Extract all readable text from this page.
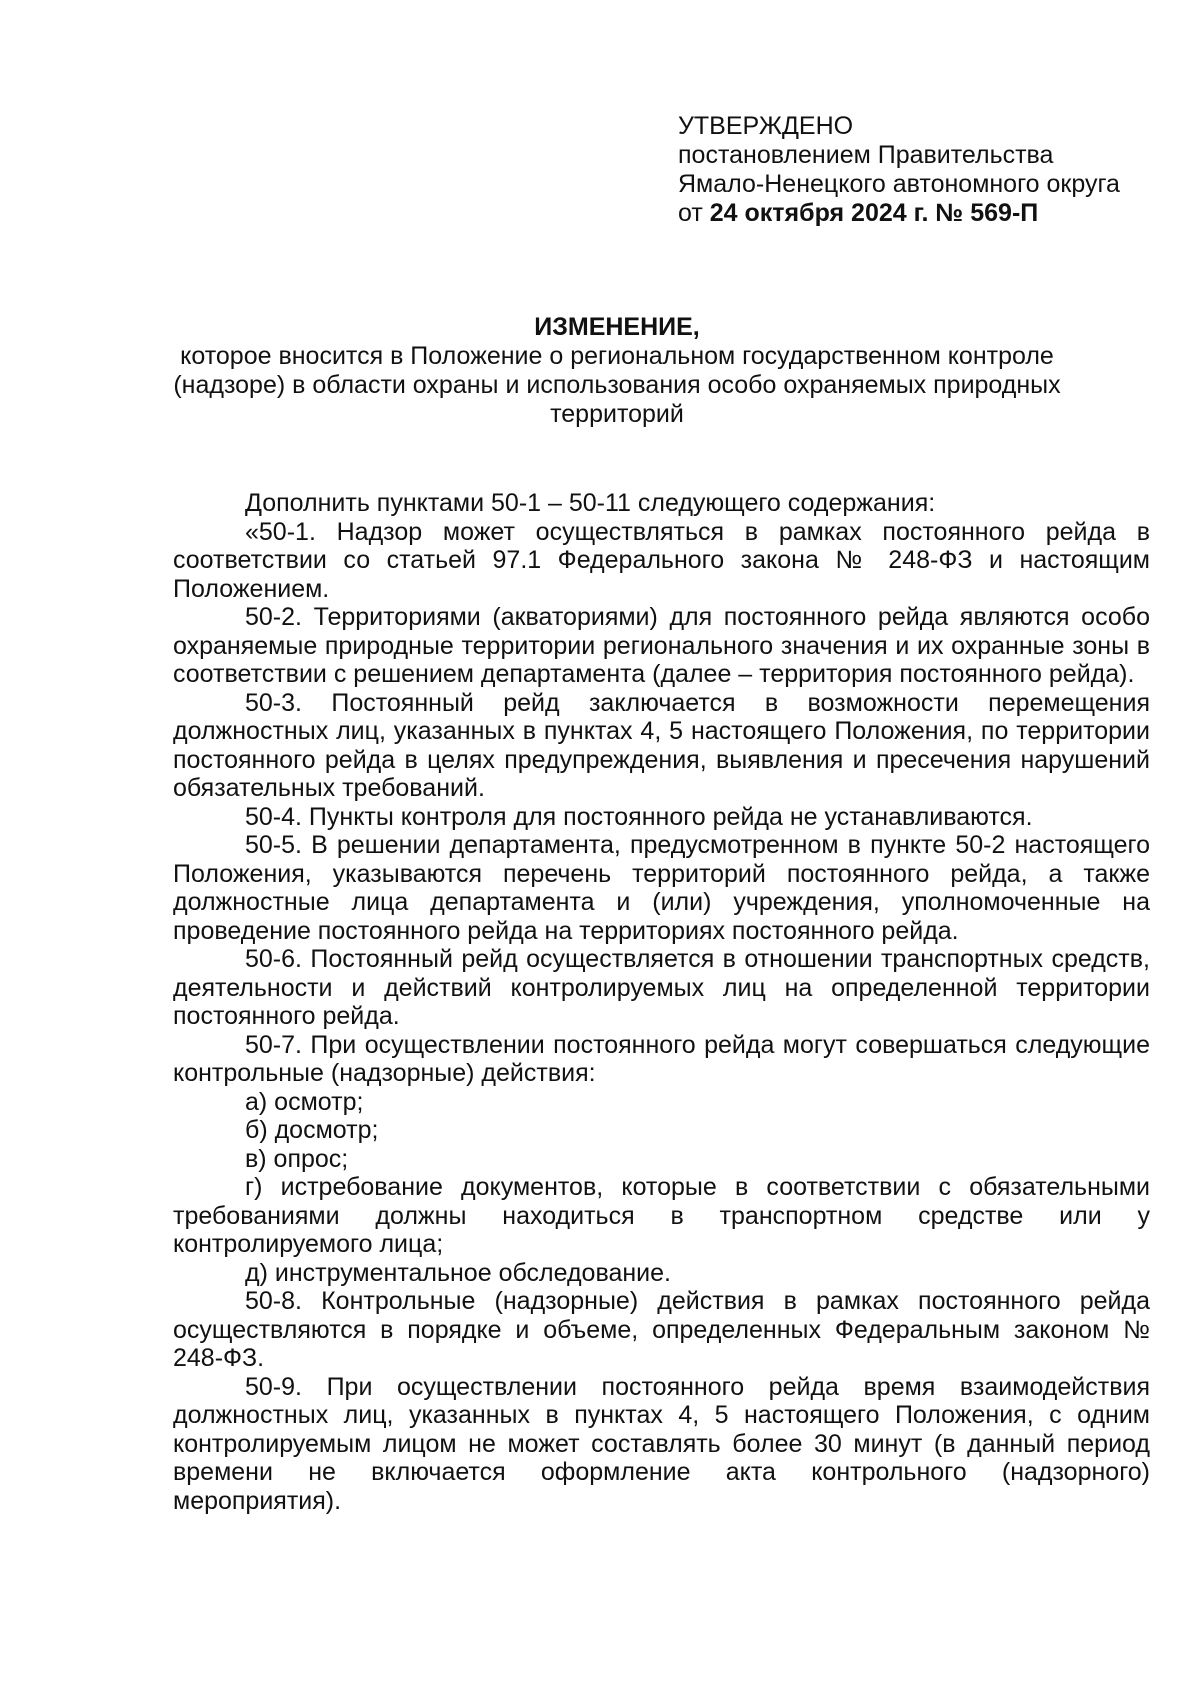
УТВЕРЖДЕНО

постановлением Правительства

Ямало-Ненецкого автономного округа

от 24 октября 2024 г. № 569-П

ИЗМЕНЕНИЕ,

которое вносится в Положение о региональном государственном контроле (надзоре) в области охраны и использования особо охраняемых природных территорий

Дополнить пунктами 50-1 – 50-11 следующего содержания:

«50-1. Надзор может осуществляться в рамках постоянного рейда в соответствии со статьей 97.1 Федерального закона № 248-ФЗ и настоящим Положением.

50-2. Территориями (акваториями) для постоянного рейда являются особо охраняемые природные территории регионального значения и их охранные зоны в соответствии с решением департамента (далее – территория постоянного рейда).

50-3. Постоянный рейд заключается в возможности перемещения должностных лиц, указанных в пунктах 4, 5 настоящего Положения, по территории постоянного рейда в целях предупреждения, выявления и пресечения нарушений обязательных требований.

50-4. Пункты контроля для постоянного рейда не устанавливаются.

50-5. В решении департамента, предусмотренном в пункте 50-2 настоящего Положения, указываются перечень территорий постоянного рейда, а также должностные лица департамента и (или) учреждения, уполномоченные на проведение постоянного рейда на территориях постоянного рейда.

50-6. Постоянный рейд осуществляется в отношении транспортных средств, деятельности и действий контролируемых лиц на определенной территории постоянного рейда.

50-7. При осуществлении постоянного рейда могут совершаться следующие контрольные (надзорные) действия:

а) осмотр;

б) досмотр;

в) опрос;

г) истребование документов, которые в соответствии с обязательными требованиями должны находиться в транспортном средстве или у контролируемого лица;

д) инструментальное обследование.

50-8. Контрольные (надзорные) действия в рамках постоянного рейда осуществляются в порядке и объеме, определенных Федеральным законом № 248-ФЗ.

50-9. При осуществлении постоянного рейда время взаимодействия должностных лиц, указанных в пунктах 4, 5 настоящего Положения, с одним контролируемым лицом не может составлять более 30 минут (в данный период времени не включается оформление акта контрольного (надзорного) мероприятия).
